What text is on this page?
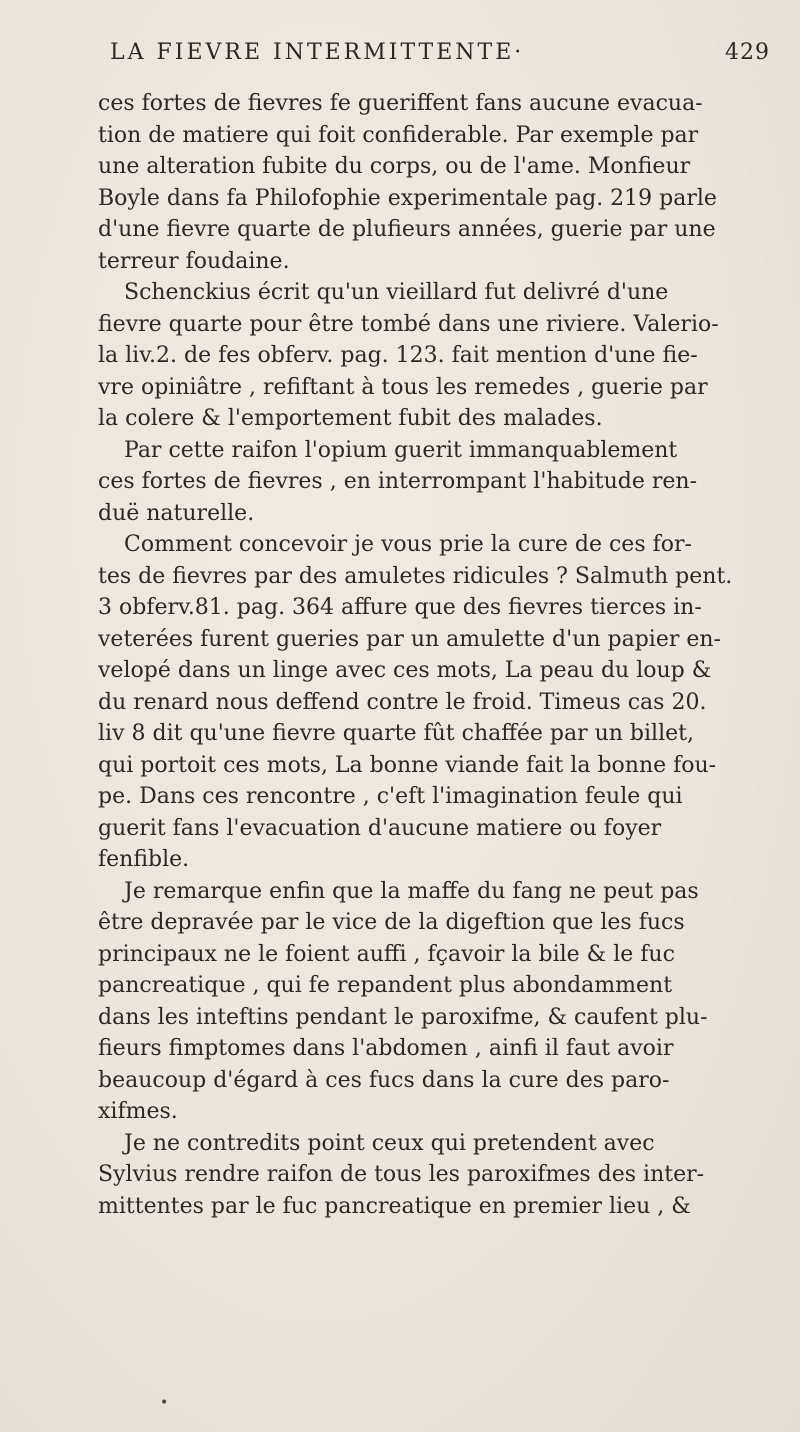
LA FIEVRE INTERMITTENTE·	429

ces fortes de fievres fe gueriffent fans aucune evacua-
tion de matiere qui foit confiderable. Par exemple par
une alteration fubite du corps, ou de l'ame. Monfieur
Boyle dans fa Philofophie experimentale pag. 219 parle
d'une fievre quarte de plufieurs années, guerie par une
terreur foudaine.

Schenckius écrit qu'un vieillard fut delivré d'une
fievre quarte pour être tombé dans une riviere. Valerio-
la liv.2. de fes obferv. pag. 123. fait mention d'une fie-
vre opiniâtre , refiftant à tous les remedes , guerie par
la colere & l'emportement fubit des malades.

Par cette raifon l'opium guerit immanquablement
ces fortes de fievres , en interrompant l'habitude ren-
duë naturelle.

Comment concevoir je vous prie la cure de ces for-
tes de fievres par des amuletes ridicules ? Salmuth pent.
3 obferv.81. pag. 364 affure que des fievres tierces in-
veterées furent gueries par un amulette d'un papier en-
velopé dans un linge avec ces mots, La peau du loup &
du renard nous deffend contre le froid. Timeus cas 20.
liv 8 dit qu'une fievre quarte fût chaffée par un billet,
qui portoit ces mots, La bonne viande fait la bonne fou-
pe. Dans ces rencontre , c'eft l'imagination feule qui
guerit fans l'evacuation d'aucune matiere ou foyer
fenfible.

Je remarque enfin que la maffe du fang ne peut pas
être depravée par le vice de la digeftion que les fucs
principaux ne le foient auffi , fçavoir la bile & le fuc
pancreatique , qui fe repandent plus abondamment
dans les inteftins pendant le paroxifme, & caufent plu-
fieurs fimptomes dans l'abdomen , ainfi il faut avoir
beaucoup d'égard à ces fucs dans la cure des paro-
xifmes.

Je ne contredits point ceux qui pretendent avec
Sylvius rendre raifon de tous les paroxifmes des inter-
mittentes par le fuc pancreatique en premier lieu , &

•
